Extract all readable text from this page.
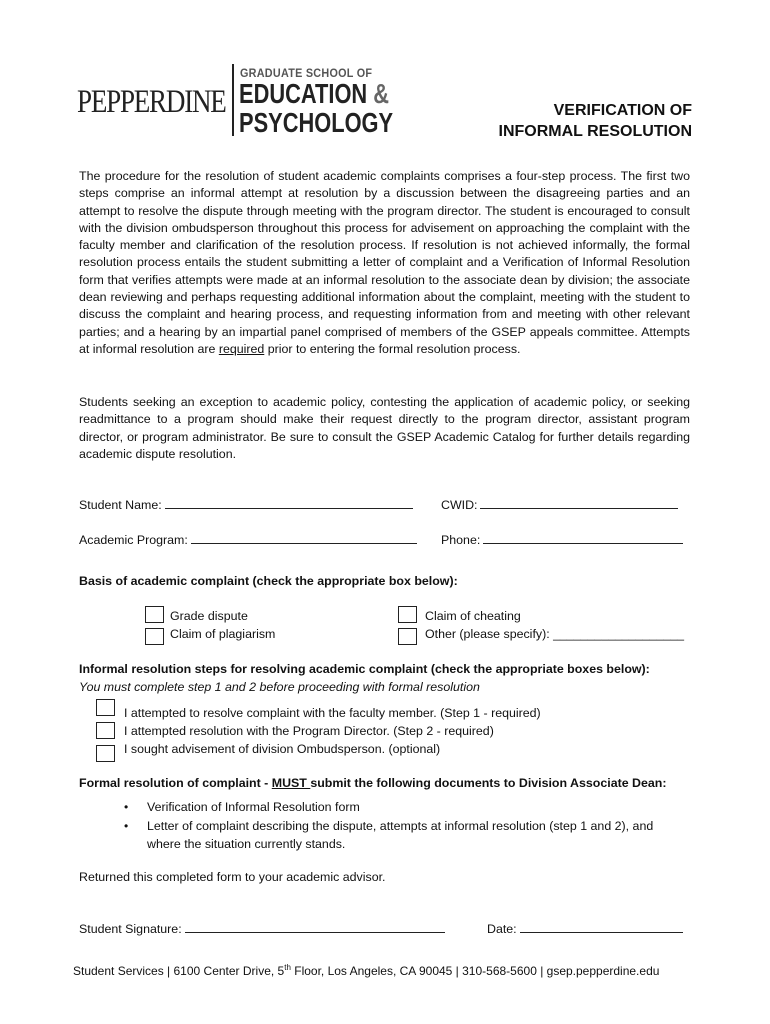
PEPPERDINE
GRADUATE SCHOOL OF
EDUCATION &
PSYCHOLOGY	VERIFICATION OF
INFORMAL RESOLUTION
The procedure for the resolution of student academic complaints comprises a four-step process. The first two steps comprise an informal attempt at resolution by a discussion between the disagreeing parties and an attempt to resolve the dispute through meeting with the program director. The student is encouraged to consult with the division ombudsperson throughout this process for advisement on approaching the complaint with the faculty member and clarification of the resolution process. If resolution is not achieved informally, the formal resolution process entails the student submitting a letter of complaint and a Verification of Informal Resolution form that verifies attempts were made at an informal resolution to the associate dean by division; the associate dean reviewing and perhaps requesting additional information about the complaint, meeting with the student to discuss the complaint and hearing process, and requesting information from and meeting with other relevant parties; and a hearing by an impartial panel comprised of members of the GSEP appeals committee. Attempts at informal resolution are required prior to entering the formal resolution process.
Students seeking an exception to academic policy, contesting the application of academic policy, or seeking readmittance to a program should make their request directly to the program director, assistant program director, or program administrator. Be sure to consult the GSEP Academic Catalog for further details regarding academic dispute resolution.
Student Name:	CWID:
Academic Program:	Phone:
Basis of academic complaint (check the appropriate box below):
Grade dispute
Claim of plagiarism
Claim of cheating
Other (please specify): ___________________
Informal resolution steps for resolving academic complaint (check the appropriate boxes below):
You must complete step 1 and 2 before proceeding with formal resolution
I attempted to resolve complaint with the faculty member. (Step 1 - required)
I attempted resolution with the Program Director. (Step 2 - required)
I sought advisement of division Ombudsperson. (optional)
Formal resolution of complaint - MUST submit the following documents to Division Associate Dean:
• Verification of Informal Resolution form
• Letter of complaint describing the dispute, attempts at informal resolution (step 1 and 2), and where the situation currently stands.
Returned this completed form to your academic advisor.
Student Signature:	Date:
Student Services | 6100 Center Drive, 5th Floor, Los Angeles, CA 90045 | 310-568-5600 | gsep.pepperdine.edu
